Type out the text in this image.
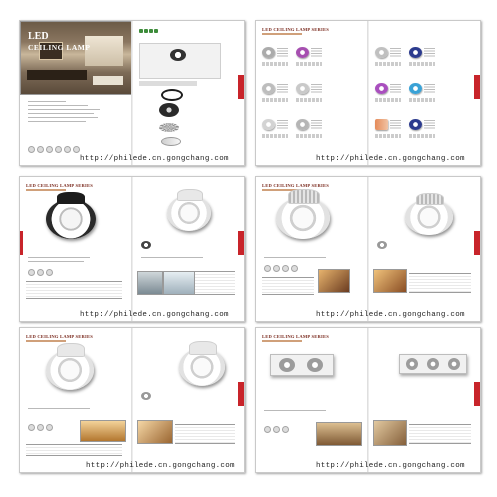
LED
CEILING LAMP
http://philede.cn.gongchang.com
LED CEILING LAMP SERIES
http://philede.cn.gongchang.com
LED CEILING LAMP SERIES
http://philede.cn.gongchang.com
LED CEILING LAMP SERIES
http://philede.cn.gongchang.com
LED CEILING LAMP SERIES
http://philede.cn.gongchang.com
LED CEILING LAMP SERIES
http://philede.cn.gongchang.com
